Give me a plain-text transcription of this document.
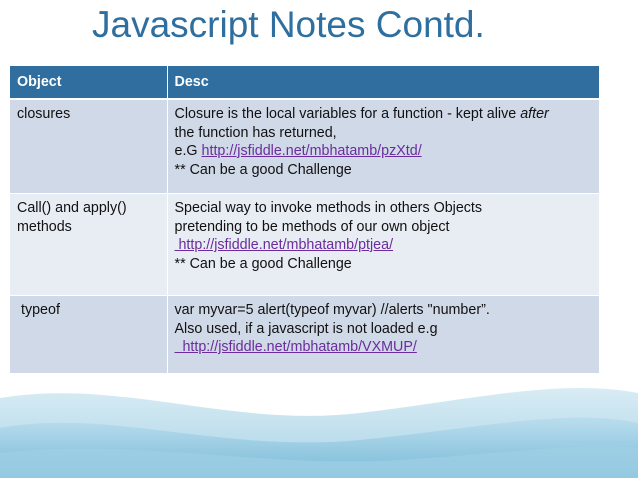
Javascript Notes Contd.
Object	Desc
closures	Closure is the local variables for a function - kept alive after
the function has returned,
e.G http://jsfiddle.net/mbhatamb/pzXtd/
** Can be a good Challenge

Call() and apply() methods	Special way to invoke methods in others Objects
pretending to be methods of our own object
http://jsfiddle.net/mbhatamb/ptjea/
** Can be a good Challenge

typeof	var myvar=5 alert(typeof myvar) //alerts "number”.
Also used, if a javascript is not loaded e.g
http://jsfiddle.net/mbhatamb/VXMUP/
